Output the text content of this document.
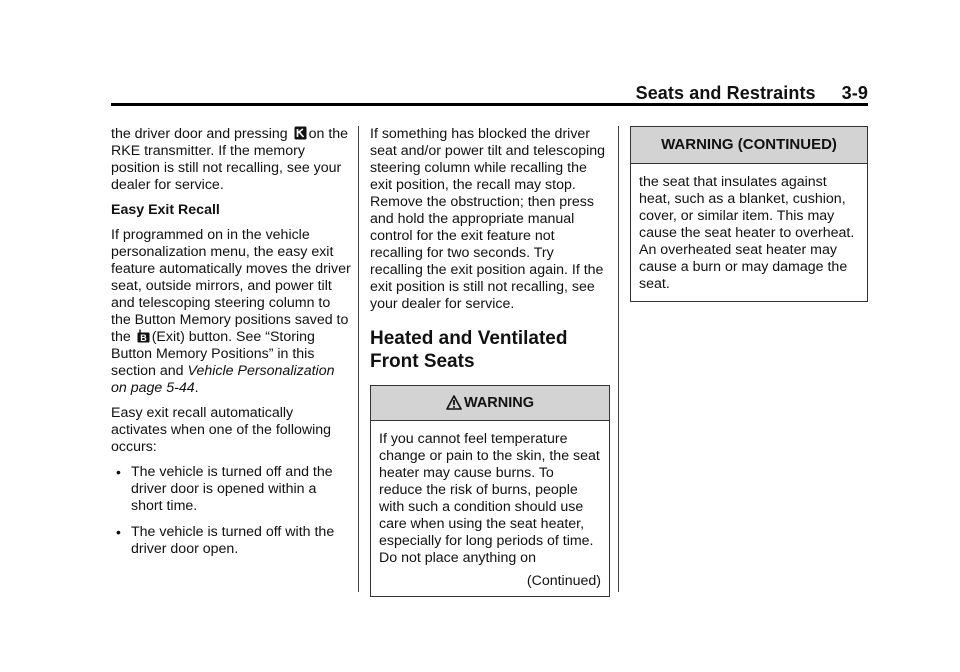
Seats and Restraints 3-9

the driver door and pressing on the RKE transmitter. If the memory position is still not recalling, see your dealer for service.

Easy Exit Recall

If programmed on in the vehicle personalization menu, the easy exit feature automatically moves the driver seat, outside mirrors, and power tilt and telescoping steering column to the Button Memory positions saved to the B (Exit) button. See “Storing Button Memory Positions” in this section and Vehicle Personalization on page 5-44.

Easy exit recall automatically activates when one of the following occurs:

• The vehicle is turned off and the driver door is opened within a short time.
• The vehicle is turned off with the driver door open.

If something has blocked the driver seat and/or power tilt and telescoping steering column while recalling the exit position, the recall may stop. Remove the obstruction; then press and hold the appropriate manual control for the exit feature not recalling for two seconds. Try recalling the exit position again. If the exit position is still not recalling, see your dealer for service.

Heated and Ventilated Front Seats
WARNING

If you cannot feel temperature change or pain to the skin, the seat heater may cause burns. To reduce the risk of burns, people with such a condition should use care when using the seat heater, especially for long periods of time. Do not place anything on

(Continued)
WARNING (CONTINUED)

the seat that insulates against heat, such as a blanket, cushion, cover, or similar item. This may cause the seat heater to overheat. An overheated seat heater may cause a burn or may damage the seat.
